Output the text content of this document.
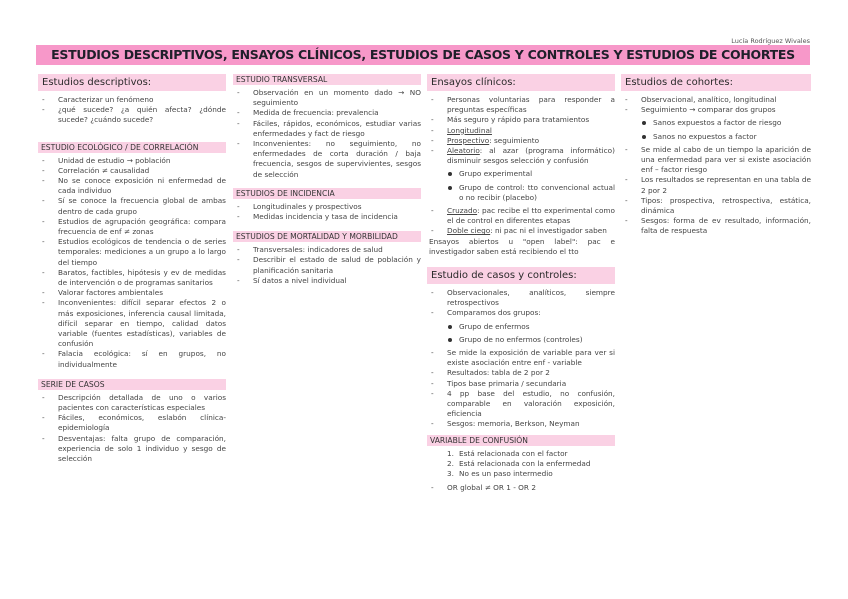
Lucía Rodríguez Wivales
ESTUDIOS DESCRIPTIVOS, ENSAYOS CLÍNICOS, ESTUDIOS DE CASOS Y CONTROLES Y ESTUDIOS DE COHORTES
Estudios descriptivos:
- Caracterizar un fenómeno
- ¿qué sucede? ¿a quién afecta? ¿dónde sucede? ¿cuándo sucede?
ESTUDIO ECOLÓGICO / DE CORRELACIÓN
- Unidad de estudio → población
- Correlación ≠ causalidad
- No se conoce exposición ni enfermedad de cada individuo
- Sí se conoce la frecuencia global de ambas dentro de cada grupo
- Estudios de agrupación geográfica: compara frecuencia de enf ≠ zonas
- Estudios ecológicos de tendencia o de series temporales: mediciones a un grupo a lo largo del tiempo
- Baratos, factibles, hipótesis y ev de medidas de intervención o de programas sanitarios
- Valorar factores ambientales
- Inconvenientes: difícil separar efectos 2 o más exposiciones, inferencia causal limitada, difícil separar en tiempo, calidad datos variable (fuentes estadísticas), variables de confusión
- Falacia ecológica: sí en grupos, no individualmente
SERIE DE CASOS
- Descripción detallada de uno o varios pacientes con características especiales
- Fáciles, económicos, eslabón clínica-epidemiología
- Desventajas: falta grupo de comparación, experiencia de solo 1 individuo y sesgo de selección
ESTUDIO TRANSVERSAL
- Observación en un momento dado → NO seguimiento
- Medida de frecuencia: prevalencia
- Fáciles, rápidos, económicos, estudiar varias enfermedades y fact de riesgo
- Inconvenientes: no seguimiento, no enfermedades de corta duración / baja frecuencia, sesgos de supervivientes, sesgos de selección
ESTUDIOS DE INCIDENCIA
- Longitudinales y prospectivos
- Medidas incidencia y tasa de incidencia
ESTUDIOS DE MORTALIDAD Y MORBILIDAD
- Transversales: indicadores de salud
- Describir el estado de salud de población y planificación sanitaria
- Sí datos a nivel individual
Ensayos clínicos:
- Personas voluntarias para responder a preguntas específicas
- Más seguro y rápido para tratamientos
- Longitudinal
- Prospectivo: seguimiento
- Aleatorio: al azar (programa informático) disminuir sesgos selección y confusión
Grupo experimental
Grupo de control: tto convencional actual o no recibir (placebo)
- Cruzado: pac recibe el tto experimental como el de control en diferentes etapas
- Doble ciego: ni pac ni el investigador saben
Ensayos abiertos u "open label": pac e investigador saben está recibiendo el tto
Estudio de casos y controles:
- Observacionales, analíticos, siempre retrospectivos
- Comparamos dos grupos:
Grupo de enfermos
Grupo de no enfermos (controles)
- Se mide la exposición de variable para ver si existe asociación entre enf - variable
- Resultados: tabla de 2 por 2
- Tipos base primaria / secundaria
- 4 pp base del estudio, no confusión, comparable en valoración exposición, eficiencia
- Sesgos: memoria, Berkson, Neyman
VARIABLE DE CONFUSIÓN
1. Está relacionada con el factor
2. Está relacionada con la enfermedad
3. No es un paso intermedio
- OR global ≠ OR 1 - OR 2
Estudios de cohortes:
- Observacional, analítico, longitudinal
- Seguimiento → comparar dos grupos
Sanos expuestos a factor de riesgo
Sanos no expuestos a factor
- Se mide al cabo de un tiempo la aparición de una enfermedad para ver si existe asociación enf – factor riesgo
- Los resultados se representan en una tabla de 2 por 2
- Tipos: prospectiva, retrospectiva, estática, dinámica
- Sesgos: forma de ev resultado, información, falta de respuesta
